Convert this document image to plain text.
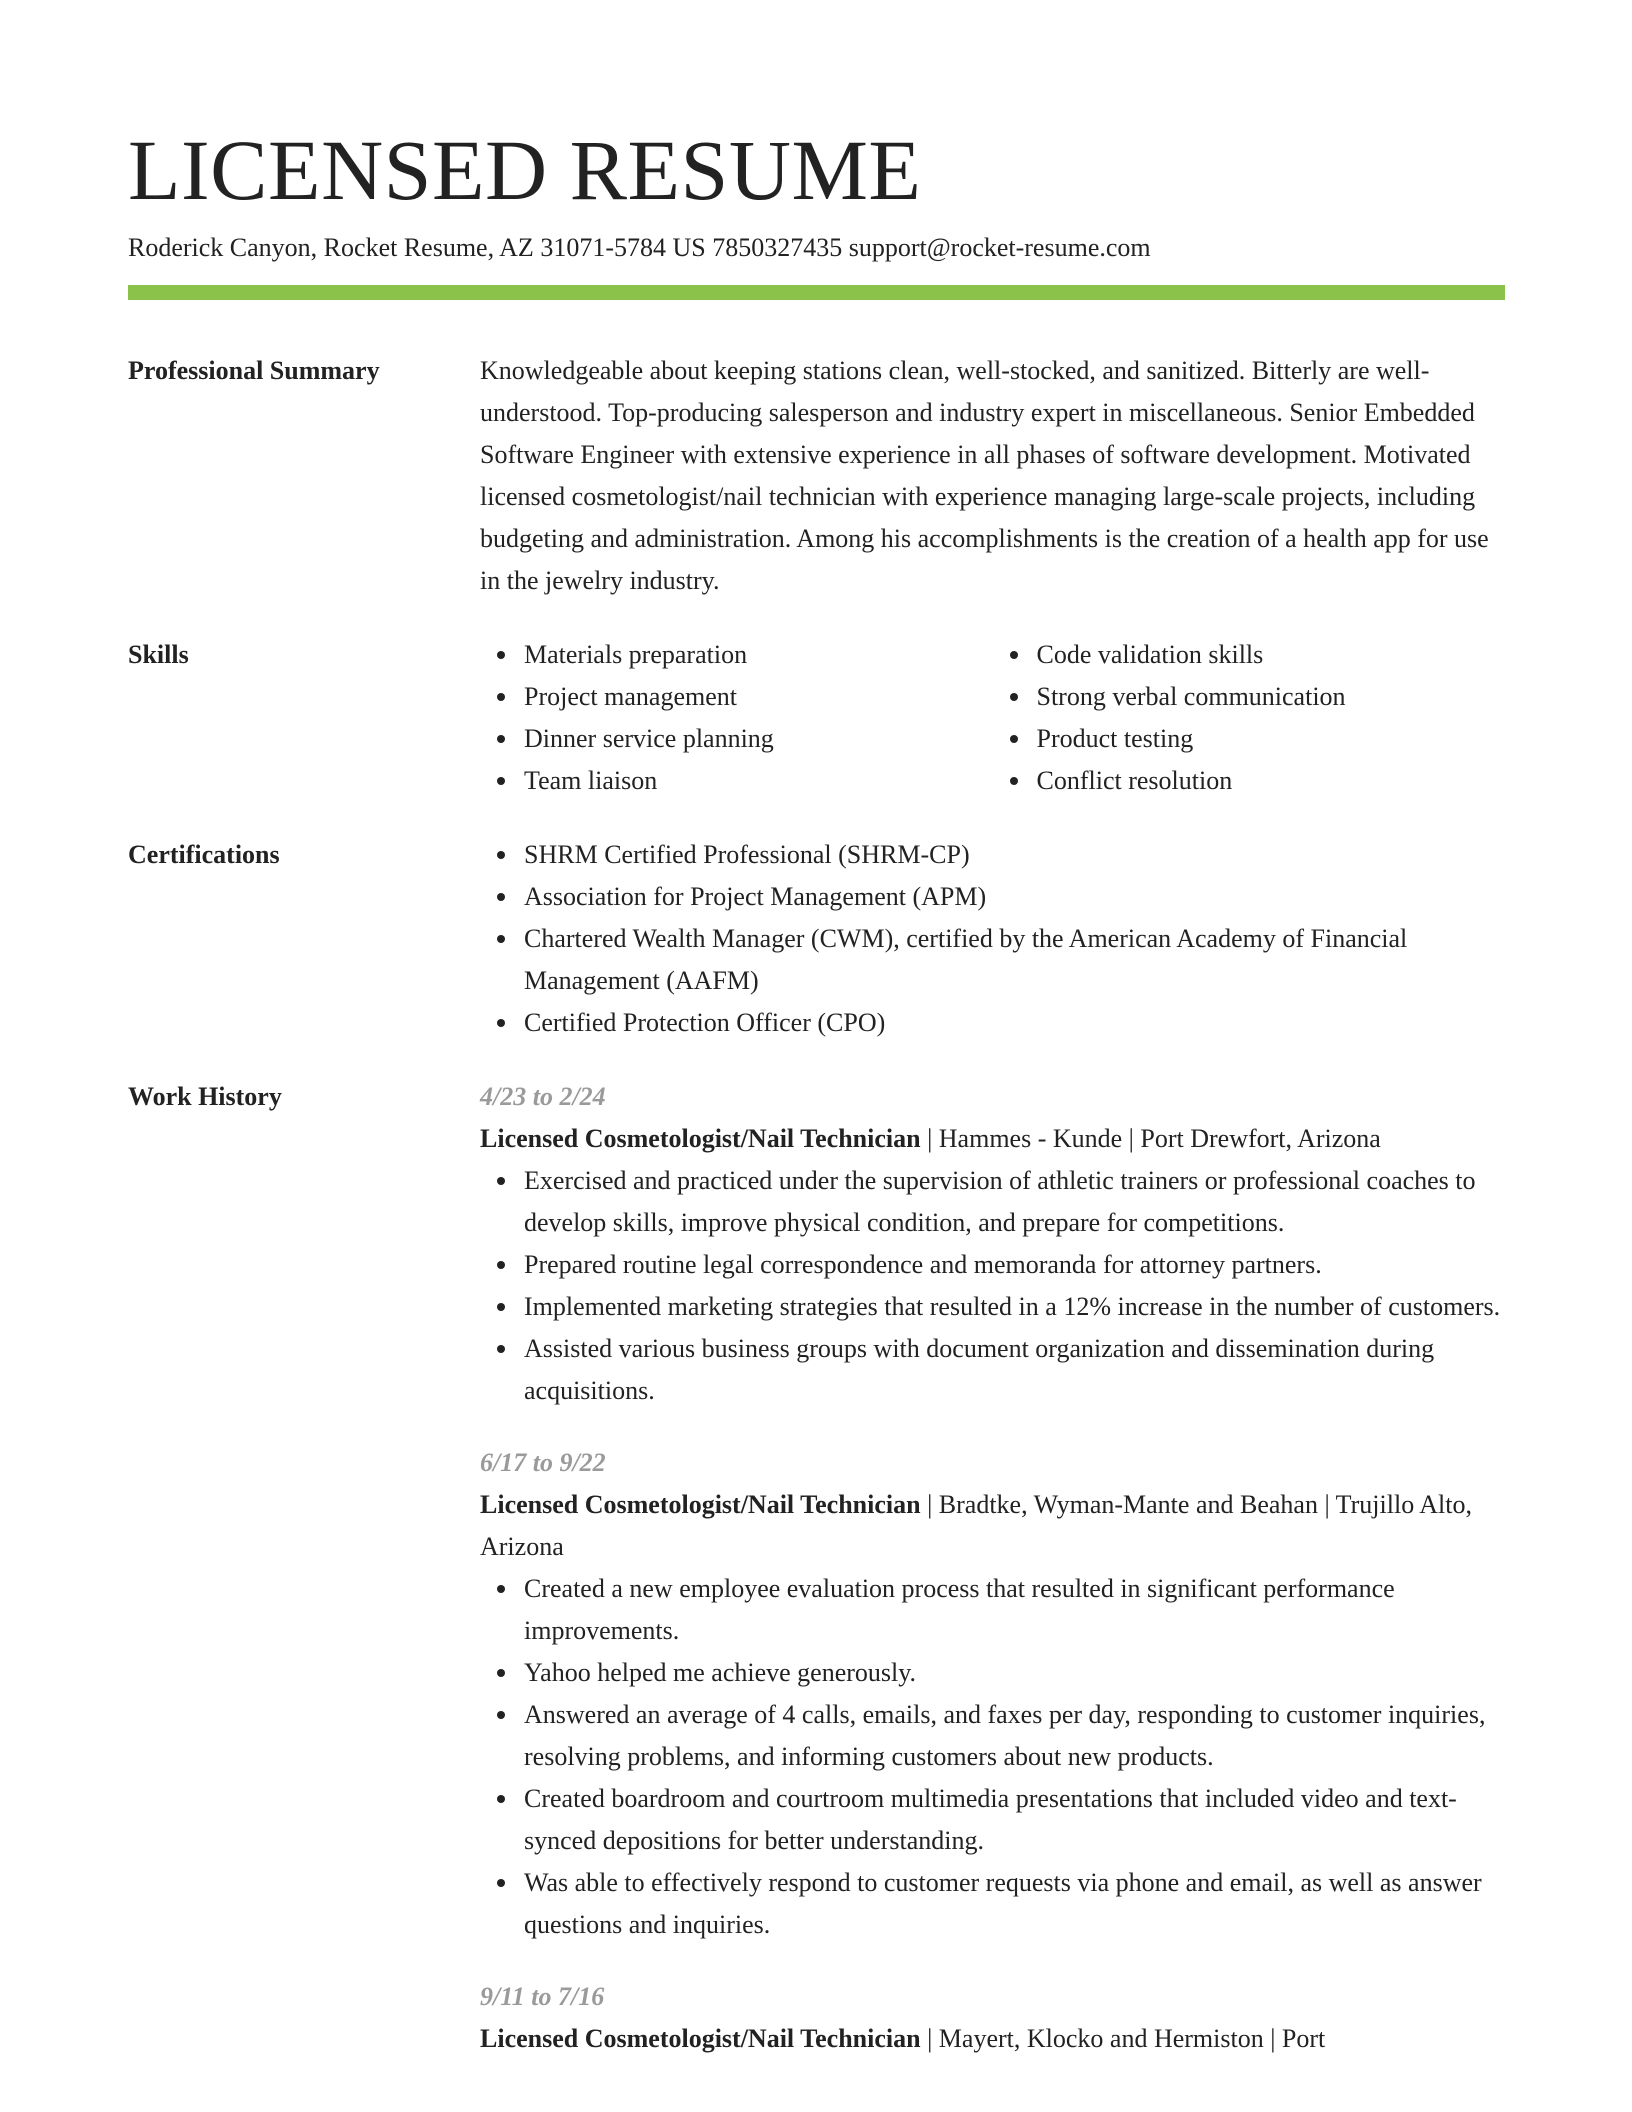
LICENSED RESUME
Roderick Canyon, Rocket Resume, AZ 31071-5784 US 7850327435 support@rocket-resume.com
Professional Summary	Knowledgeable about keeping stations clean, well-stocked, and sanitized. Bitterly are well-understood. Top-producing salesperson and industry expert in miscellaneous. Senior Embedded Software Engineer with extensive experience in all phases of software development. Motivated licensed cosmetologist/nail technician with experience managing large-scale projects, including budgeting and administration. Among his accomplishments is the creation of a health app for use in the jewelry industry.

Skills	Materials preparation
Project management
Dinner service planning
Team liaison
Code validation skills
Strong verbal communication
Product testing
Conflict resolution
Certifications	SHRM Certified Professional (SHRM-CP)
Association for Project Management (APM)
Chartered Wealth Manager (CWM), certified by the American Academy of Financial Management (AAFM)
Certified Protection Officer (CPO)
Work History	4/23 to 2/24
Licensed Cosmetologist/Nail Technician | Hammes - Kunde | Port Drewfort, Arizona
Exercised and practiced under the supervision of athletic trainers or professional coaches to develop skills, improve physical condition, and prepare for competitions.
Prepared routine legal correspondence and memoranda for attorney partners.
Implemented marketing strategies that resulted in a 12% increase in the number of customers.
Assisted various business groups with document organization and dissemination during acquisitions.
6/17 to 9/22
Licensed Cosmetologist/Nail Technician | Bradtke, Wyman-Mante and Beahan | Trujillo Alto, Arizona
Created a new employee evaluation process that resulted in significant performance improvements.
Yahoo helped me achieve generously.
Answered an average of 4 calls, emails, and faxes per day, responding to customer inquiries, resolving problems, and informing customers about new products.
Created boardroom and courtroom multimedia presentations that included video and text-synced depositions for better understanding.
Was able to effectively respond to customer requests via phone and email, as well as answer questions and inquiries.
9/11 to 7/16
Licensed Cosmetologist/Nail Technician | Mayert, Klocko and Hermiston | Port
